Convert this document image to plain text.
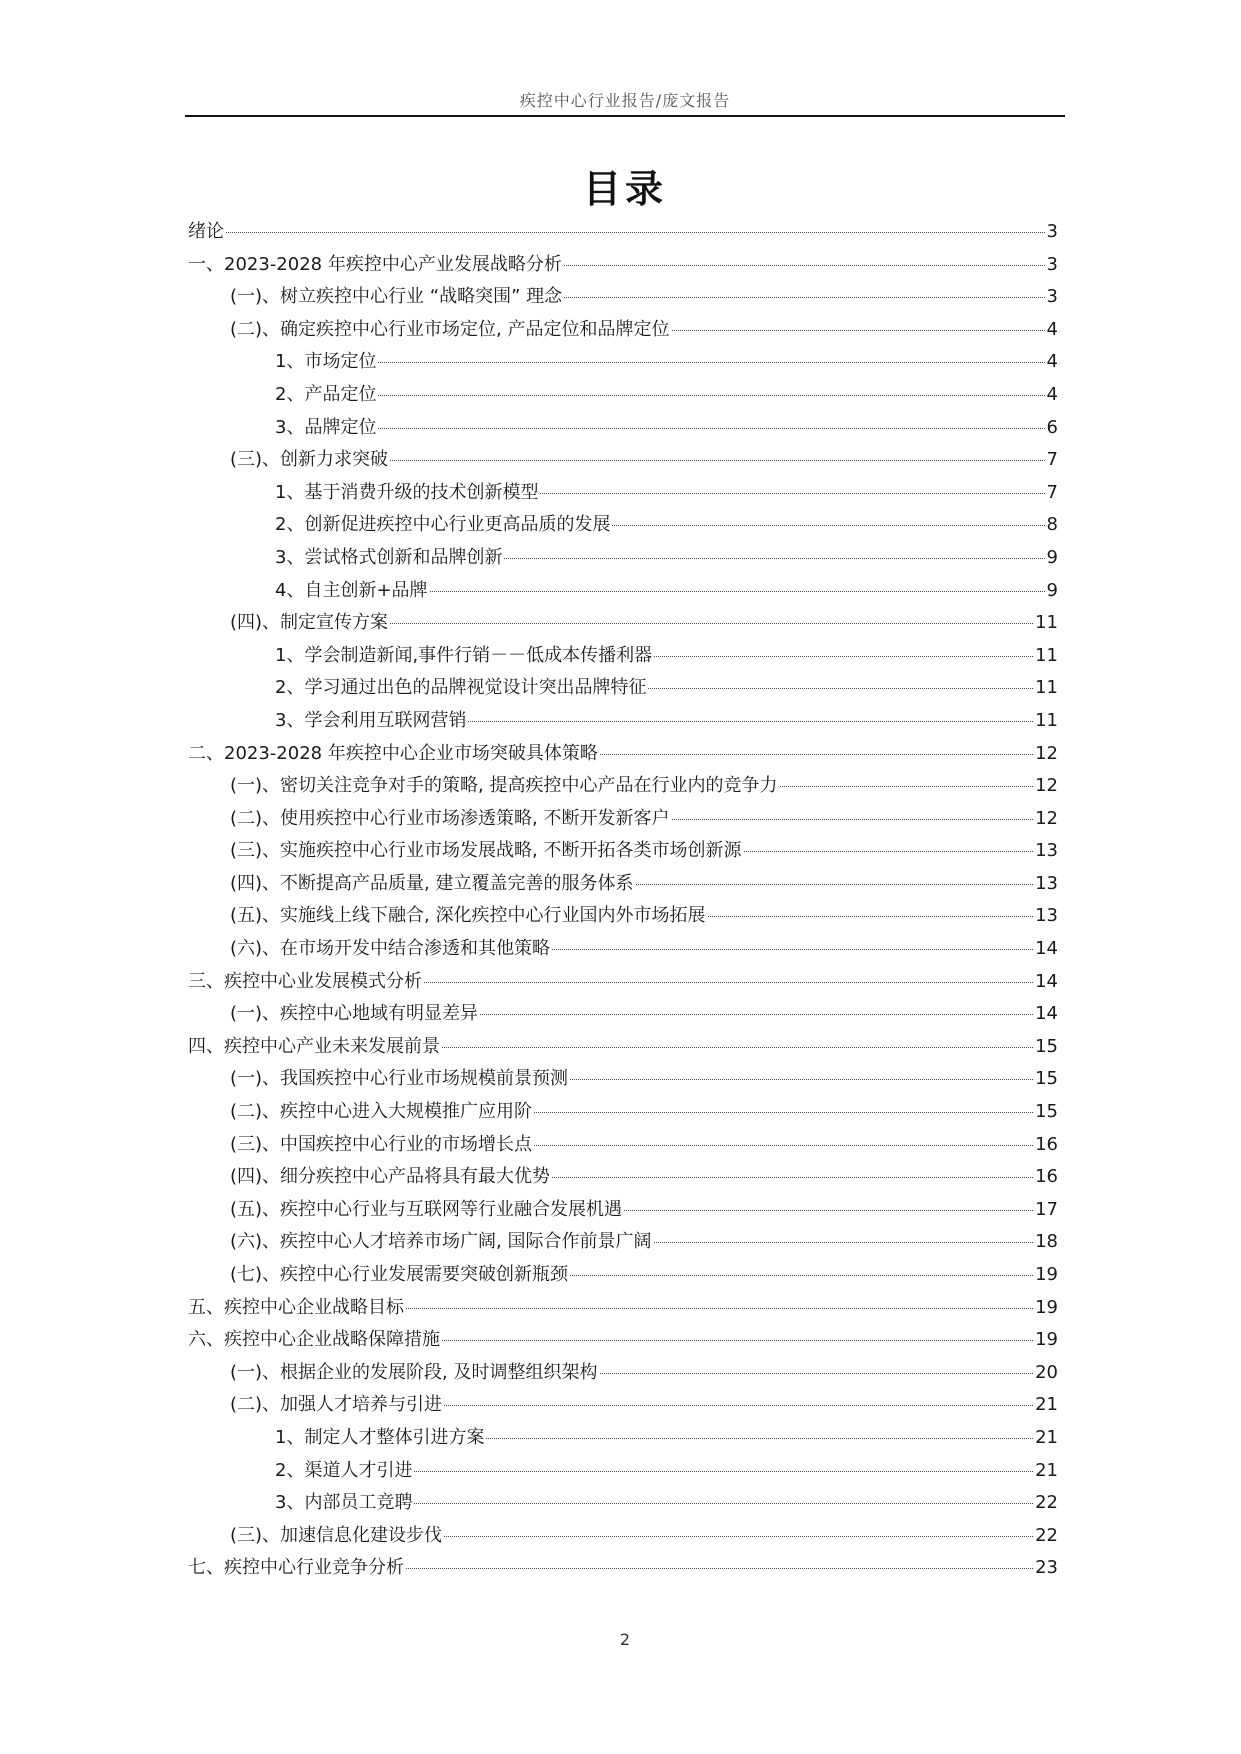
疾控中心行业报告/庞文报告
目录
绪论	3
一、2023-2028 年疾控中心产业发展战略分析	3
(一)、树立疾控中心行业 “战略突围” 理念	3
(二)、确定疾控中心行业市场定位, 产品定位和品牌定位	4
1、市场定位	4
2、产品定位	4
3、品牌定位	6
(三)、创新力求突破	7
1、基于消费升级的技术创新模型	7
2、创新促进疾控中心行业更高品质的发展	8
3、尝试格式创新和品牌创新	9
4、自主创新+品牌	9
(四)、制定宣传方案	11
1、学会制造新闻,事件行销－－低成本传播利器	11
2、学习通过出色的品牌视觉设计突出品牌特征	11
3、学会利用互联网营销	11
二、2023-2028 年疾控中心企业市场突破具体策略	12
(一)、密切关注竞争对手的策略, 提高疾控中心产品在行业内的竞争力	12
(二)、使用疾控中心行业市场渗透策略, 不断开发新客户	12
(三)、实施疾控中心行业市场发展战略, 不断开拓各类市场创新源	13
(四)、不断提高产品质量, 建立覆盖完善的服务体系	13
(五)、实施线上线下融合, 深化疾控中心行业国内外市场拓展	13
(六)、在市场开发中结合渗透和其他策略	14
三、疾控中心业发展模式分析	14
(一)、疾控中心地域有明显差异	14
四、疾控中心产业未来发展前景	15
(一)、我国疾控中心行业市场规模前景预测	15
(二)、疾控中心进入大规模推广应用阶	15
(三)、中国疾控中心行业的市场增长点	16
(四)、细分疾控中心产品将具有最大优势	16
(五)、疾控中心行业与互联网等行业融合发展机遇	17
(六)、疾控中心人才培养市场广阔, 国际合作前景广阔	18
(七)、疾控中心行业发展需要突破创新瓶颈	19
五、疾控中心企业战略目标	19
六、疾控中心企业战略保障措施	19
(一)、根据企业的发展阶段, 及时调整组织架构	20
(二)、加强人才培养与引进	21
1、制定人才整体引进方案	21
2、渠道人才引进	21
3、内部员工竞聘	22
(三)、加速信息化建设步伐	22
七、疾控中心行业竞争分析	23
2
